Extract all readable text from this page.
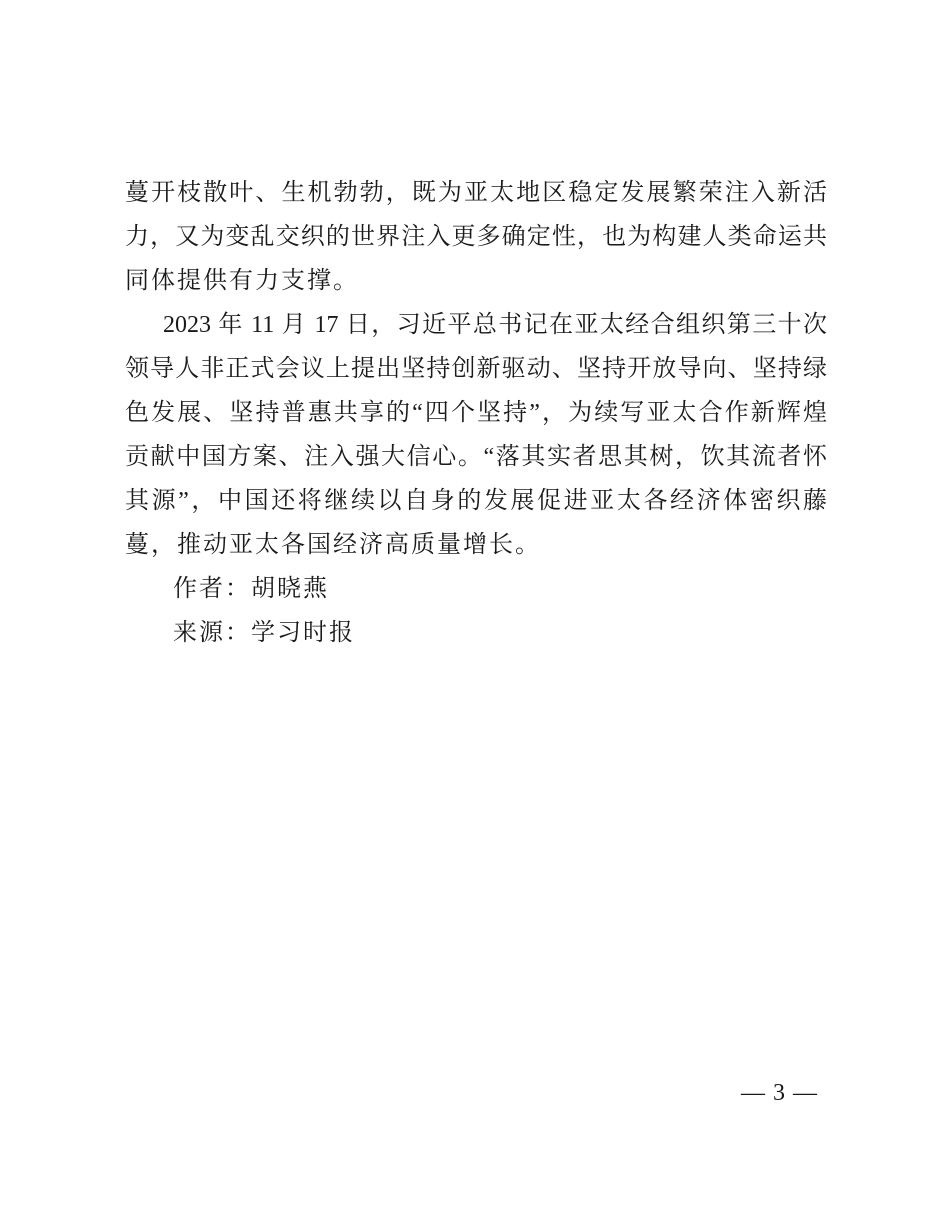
蔓开枝散叶、生机勃勃，既为亚太地区稳定发展繁荣注入新活
力，又为变乱交织的世界注入更多确定性，也为构建人类命运共
同体提供有力支撑。
2023 年 11 月 17 日，习近平总书记在亚太经合组织第三十次
领导人非正式会议上提出坚持创新驱动、坚持开放导向、坚持绿
色发展、坚持普惠共享的“四个坚持”，为续写亚太合作新辉煌
贡献中国方案、注入强大信心。“落其实者思其树，饮其流者怀
其源”，中国还将继续以自身的发展促进亚太各经济体密织藤
蔓，推动亚太各国经济高质量增长。
作者：胡晓燕
来源：学习时报
— 3 —
